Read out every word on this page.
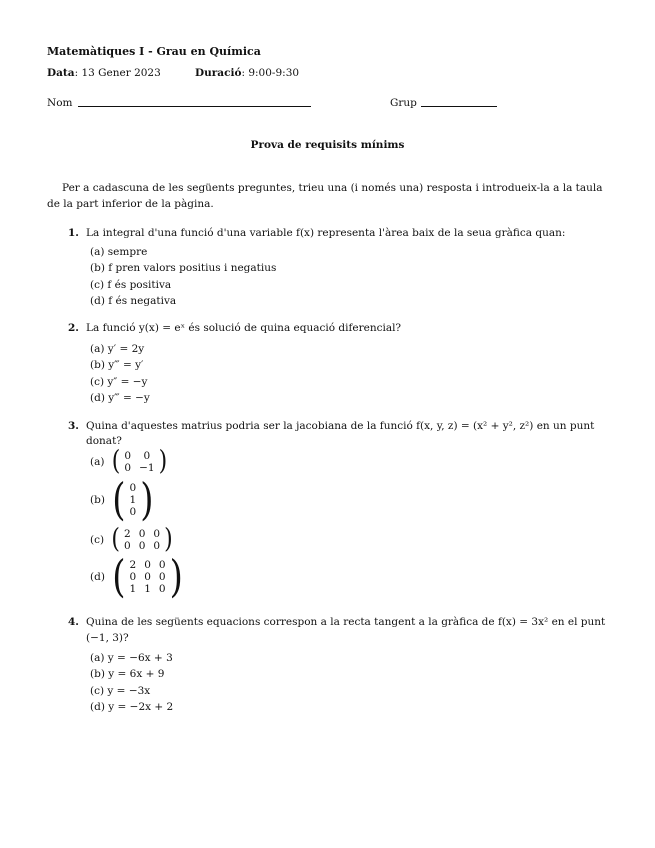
Matemàtiques I - Grau en Química
Data: 13 Gener 2023	Duració: 9:00-9:30
Nom	Grup
Prova de requisits mínims
Per a cadascuna de les següents preguntes, trieu una (i només una) resposta i introdueix-la a la taula
de la part inferior de la pàgina.
1. La integral d'una funció d'una variable f(x) representa l'àrea baix de la seua gràfica quan:
(a) sempre
(b) f pren valors positius i negatius
(c) f és positiva
(d) f és negativa
2. La funció y(x) = eˣ és solució de quina equació diferencial?
(a) y′ = 2y
(b) y‴ = y′
(c) y″ = −y
(d) y‴ = −y
3. Quina d'aquestes matrius podria ser la jacobiana de la funció f(x, y, z) = (x² + y², z²) en un punt
donat?
(a) ( 0	0
0	−1 )
(b) ( 0
1
0 )
(c) ( 2	0	0
0	0	0 )
(d) ( 2	0	0
0	0	0
1	1	0 )
4. Quina de les següents equacions correspon a la recta tangent a la gràfica de f(x) = 3x² en el punt
(−1, 3)?
(a) y = −6x + 3
(b) y = 6x + 9
(c) y = −3x
(d) y = −2x + 2
